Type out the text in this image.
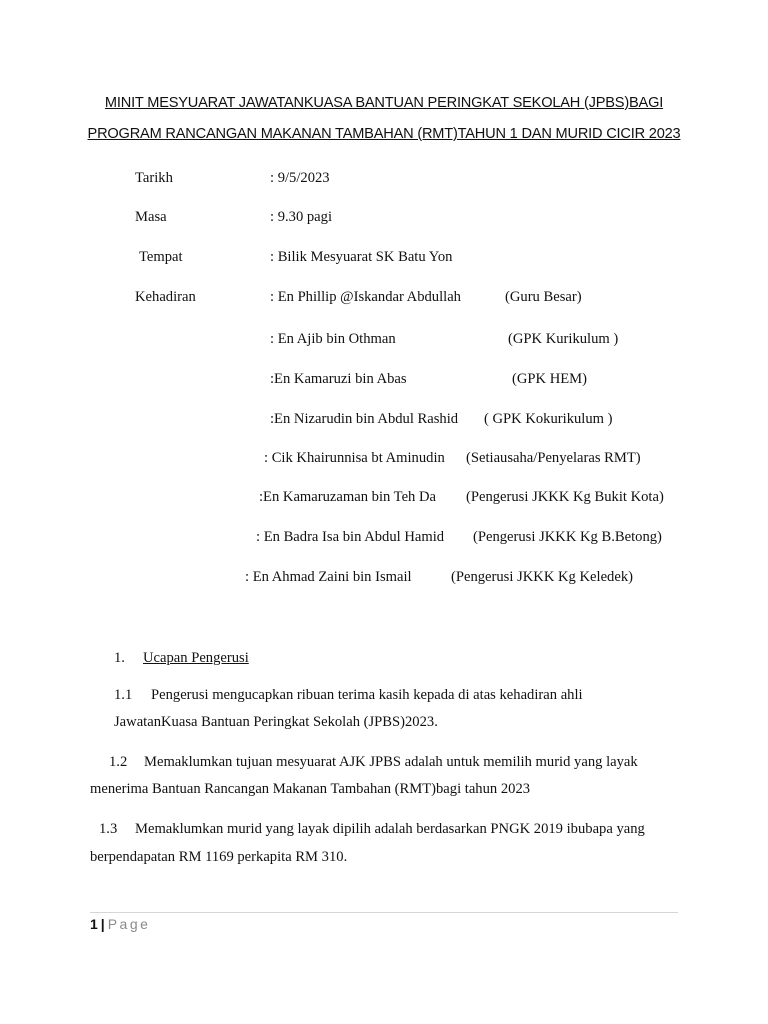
MINIT MESYUARAT JAWATANKUASA BANTUAN PERINGKAT SEKOLAH (JPBS)BAGI
PROGRAM RANCANGAN MAKANAN TAMBAHAN (RMT)TAHUN 1 DAN MURID CICIR 2023
Tarikh	: 9/5/2023
Masa	: 9.30 pagi
Tempat	: Bilik Mesyuarat SK Batu Yon
Kehadiran	: En Phillip @Iskandar Abdullah	(Guru Besar)
: En Ajib bin Othman	(GPK Kurikulum )
:En Kamaruzi bin Abas	(GPK HEM)
:En Nizarudin bin Abdul Rashid ( GPK Kokurikulum )
: Cik Khairunnisa bt Aminudin (Setiausaha/Penyelaras RMT)
:En Kamaruzaman bin Teh Da (Pengerusi JKKK Kg Bukit Kota)
: En Badra Isa bin Abdul Hamid (Pengerusi JKKK Kg B.Betong)
: En Ahmad Zaini bin Ismail	(Pengerusi JKKK Kg Keledek)
1.	Ucapan Pengerusi
1.1 Pengerusi mengucapkan ribuan terima kasih kepada di atas kehadiran ahli
JawatanKuasa Bantuan Peringkat Sekolah (JPBS)2023.
1.2 Memaklumkan tujuan mesyuarat AJK JPBS adalah untuk memilih murid yang layak
menerima Bantuan Rancangan Makanan Tambahan (RMT)bagi tahun 2023
1.3 Memaklumkan murid yang layak dipilih adalah berdasarkan PNGK 2019 ibubapa yang
berpendapatan RM 1169 perkapita RM 310.
1 | Page
